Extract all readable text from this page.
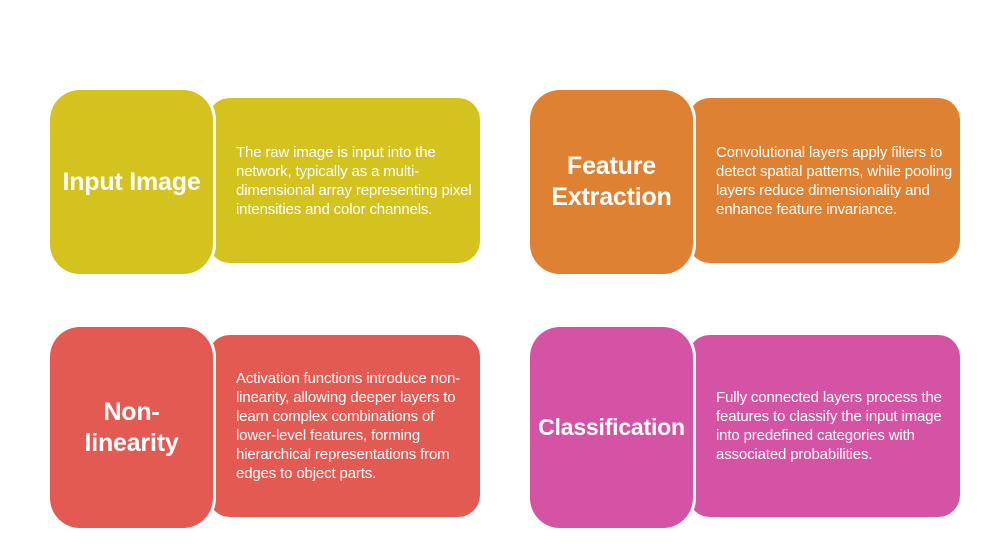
The raw image is input into the network, typically as a multi-dimensional array representing pixel intensities and color channels.

Input Image

Convolutional layers apply filters to detect spatial patterns, while pooling layers reduce dimensionality and enhance feature invariance.

Feature Extraction

Activation functions introduce non-linearity, allowing deeper layers to learn complex combinations of lower-level features, forming hierarchical representations from edges to object parts.

Non-linearity

Fully connected layers process the features to classify the input image into predefined categories with associated probabilities.

Classification
